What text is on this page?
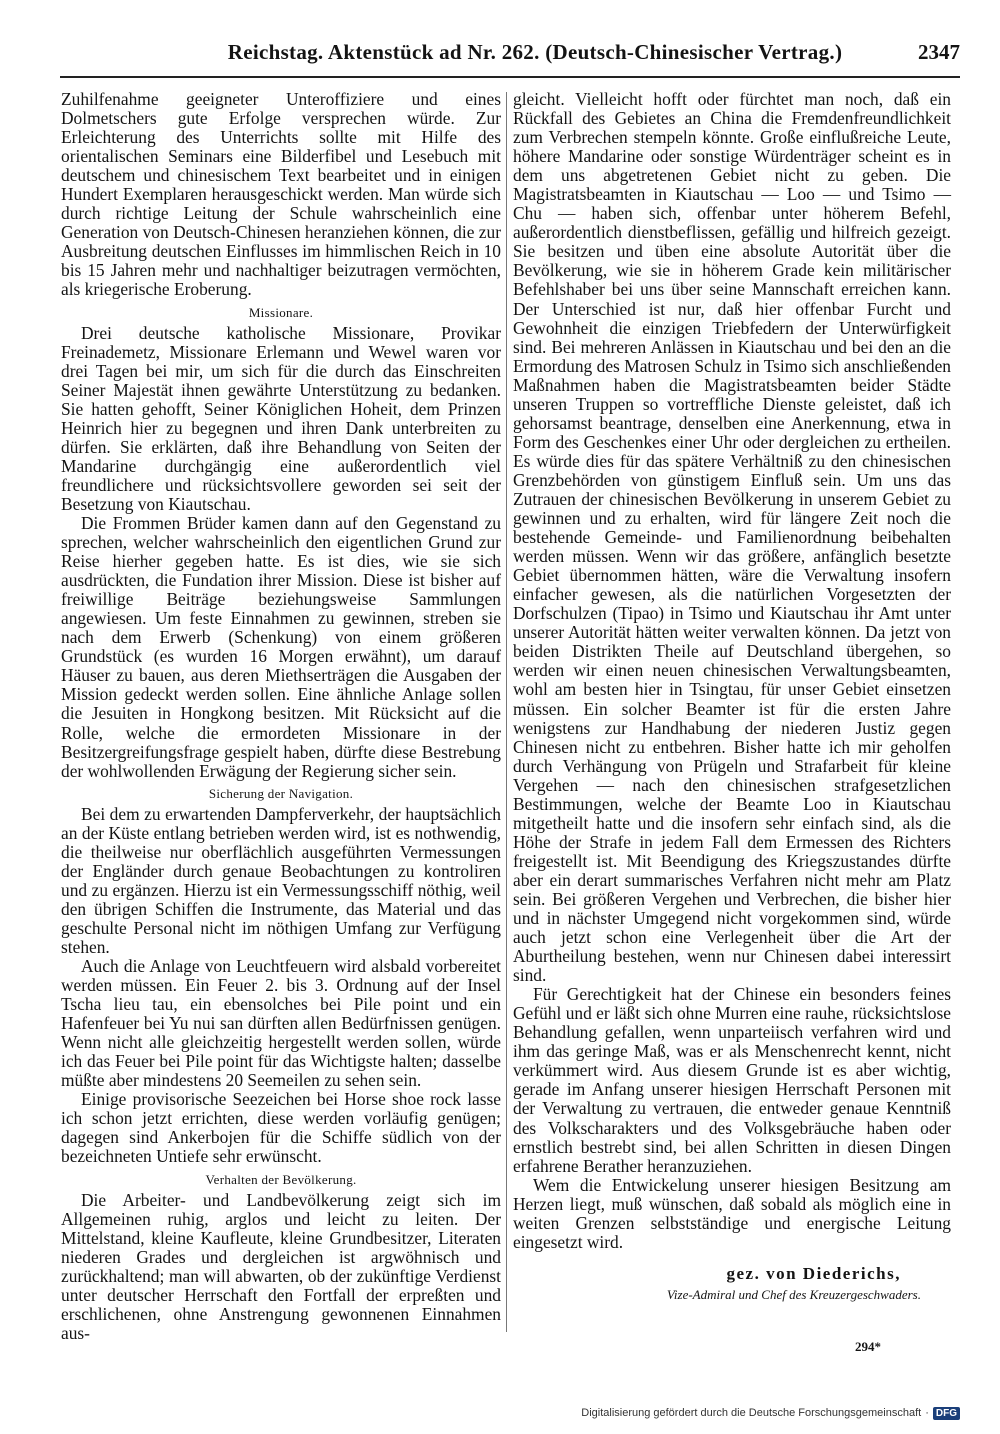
Reichstag. Aktenstück ad Nr. 262. (Deutsch-Chinesischer Vertrag.)	2347

Zuhilfenahme geeigneter Unteroffiziere und eines Dolmetschers gute Erfolge versprechen würde. Zur Erleichterung des Unterrichts sollte mit Hilfe des orientalischen Seminars eine Bilderfibel und Lesebuch mit deutschem und chinesischem Text bearbeitet und in einigen Hundert Exemplaren herausgeschickt werden. Man würde sich durch richtige Leitung der Schule wahrscheinlich eine Generation von Deutsch-Chinesen heranziehen können, die zur Ausbreitung deutschen Einflusses im himmlischen Reich in 10 bis 15 Jahren mehr und nachhaltiger beizutragen vermöchten, als kriegerische Eroberung.

Missionare.

Drei deutsche katholische Missionare, Provikar Freinademetz, Missionare Erlemann und Wewel waren vor drei Tagen bei mir, um sich für die durch das Einschreiten Seiner Majestät ihnen gewährte Unterstützung zu bedanken. Sie hatten gehofft, Seiner Königlichen Hoheit, dem Prinzen Heinrich hier zu begegnen und ihren Dank unterbreiten zu dürfen. Sie erklärten, daß ihre Behandlung von Seiten der Mandarine durchgängig eine außerordentlich viel freundlichere und rücksichtsvollere geworden sei seit der Besetzung von Kiautschau.

Die Frommen Brüder kamen dann auf den Gegenstand zu sprechen, welcher wahrscheinlich den eigentlichen Grund zur Reise hierher gegeben hatte. Es ist dies, wie sie sich ausdrückten, die Fundation ihrer Mission. Diese ist bisher auf freiwillige Beiträge beziehungsweise Sammlungen angewiesen. Um feste Einnahmen zu gewinnen, streben sie nach dem Erwerb (Schenkung) von einem größeren Grundstück (es wurden 16 Morgen erwähnt), um darauf Häuser zu bauen, aus deren Miethserträgen die Ausgaben der Mission gedeckt werden sollen. Eine ähnliche Anlage sollen die Jesuiten in Hongkong besitzen. Mit Rücksicht auf die Rolle, welche die ermordeten Missionare in der Besitzergreifungsfrage gespielt haben, dürfte diese Bestrebung der wohlwollenden Erwägung der Regierung sicher sein.

Sicherung der Navigation.

Bei dem zu erwartenden Dampferverkehr, der hauptsächlich an der Küste entlang betrieben werden wird, ist es nothwendig, die theilweise nur oberflächlich ausgeführten Vermessungen der Engländer durch genaue Beobachtungen zu kontroliren und zu ergänzen. Hierzu ist ein Vermessungsschiff nöthig, weil den übrigen Schiffen die Instrumente, das Material und das geschulte Personal nicht im nöthigen Umfang zur Verfügung stehen.

Auch die Anlage von Leuchtfeuern wird alsbald vorbereitet werden müssen. Ein Feuer 2. bis 3. Ordnung auf der Insel Tscha lieu tau, ein ebensolches bei Pile point und ein Hafenfeuer bei Yu nui san dürften allen Bedürfnissen genügen. Wenn nicht alle gleichzeitig hergestellt werden sollen, würde ich das Feuer bei Pile point für das Wichtigste halten; dasselbe müßte aber mindestens 20 Seemeilen zu sehen sein.

Einige provisorische Seezeichen bei Horse shoe rock lasse ich schon jetzt errichten, diese werden vorläufig genügen; dagegen sind Ankerbojen für die Schiffe südlich von der bezeichneten Untiefe sehr erwünscht.

Verhalten der Bevölkerung.

Die Arbeiter- und Landbevölkerung zeigt sich im Allgemeinen ruhig, arglos und leicht zu leiten. Der Mittelstand, kleine Kaufleute, kleine Grundbesitzer, Literaten niederen Grades und dergleichen ist argwöhnisch und zurückhaltend; man will abwarten, ob der zukünftige Verdienst unter deutscher Herrschaft den Fortfall der erpreßten und erschlichenen, ohne Anstrengung gewonnenen Einnahmen aus-

gleicht. Vielleicht hofft oder fürchtet man noch, daß ein Rückfall des Gebietes an China die Fremdenfreundlichkeit zum Verbrechen stempeln könnte. Große einflußreiche Leute, höhere Mandarine oder sonstige Würdenträger scheint es in dem uns abgetretenen Gebiet nicht zu geben. Die Magistratsbeamten in Kiautschau — Loo — und Tsimo — Chu — haben sich, offenbar unter höherem Befehl, außerordentlich dienstbeflissen, gefällig und hilfreich gezeigt. Sie besitzen und üben eine absolute Autorität über die Bevölkerung, wie sie in höherem Grade kein militärischer Befehlshaber bei uns über seine Mannschaft erreichen kann. Der Unterschied ist nur, daß hier offenbar Furcht und Gewohnheit die einzigen Triebfedern der Unterwürfigkeit sind. Bei mehreren Anlässen in Kiautschau und bei den an die Ermordung des Matrosen Schulz in Tsimo sich anschließenden Maßnahmen haben die Magistratsbeamten beider Städte unseren Truppen so vortreffliche Dienste geleistet, daß ich gehorsamst beantrage, denselben eine Anerkennung, etwa in Form des Geschenkes einer Uhr oder dergleichen zu ertheilen. Es würde dies für das spätere Verhältniß zu den chinesischen Grenzbehörden von günstigem Einfluß sein. Um uns das Zutrauen der chinesischen Bevölkerung in unserem Gebiet zu gewinnen und zu erhalten, wird für längere Zeit noch die bestehende Gemeinde- und Familienordnung beibehalten werden müssen. Wenn wir das größere, anfänglich besetzte Gebiet übernommen hätten, wäre die Verwaltung insofern einfacher gewesen, als die natürlichen Vorgesetzten der Dorfschulzen (Tipao) in Tsimo und Kiautschau ihr Amt unter unserer Autorität hätten weiter verwalten können. Da jetzt von beiden Distrikten Theile auf Deutschland übergehen, so werden wir einen neuen chinesischen Verwaltungsbeamten, wohl am besten hier in Tsingtau, für unser Gebiet einsetzen müssen. Ein solcher Beamter ist für die ersten Jahre wenigstens zur Handhabung der niederen Justiz gegen Chinesen nicht zu entbehren. Bisher hatte ich mir geholfen durch Verhängung von Prügeln und Strafarbeit für kleine Vergehen — nach den chinesischen strafgesetzlichen Bestimmungen, welche der Beamte Loo in Kiautschau mitgetheilt hatte und die insofern sehr einfach sind, als die Höhe der Strafe in jedem Fall dem Ermessen des Richters freigestellt ist. Mit Beendigung des Kriegszustandes dürfte aber ein derart summarisches Verfahren nicht mehr am Platz sein. Bei größeren Vergehen und Verbrechen, die bisher hier und in nächster Umgegend nicht vorgekommen sind, würde auch jetzt schon eine Verlegenheit über die Art der Aburtheilung bestehen, wenn nur Chinesen dabei interessirt sind.

Für Gerechtigkeit hat der Chinese ein besonders feines Gefühl und er läßt sich ohne Murren eine rauhe, rücksichtslose Behandlung gefallen, wenn unparteiisch verfahren wird und ihm das geringe Maß, was er als Menschenrecht kennt, nicht verkümmert wird. Aus diesem Grunde ist es aber wichtig, gerade im Anfang unserer hiesigen Herrschaft Personen mit der Verwaltung zu vertrauen, die entweder genaue Kenntniß des Volkscharakters und des Volksgebräuche haben oder ernstlich bestrebt sind, bei allen Schritten in diesen Dingen erfahrene Berather heranzuziehen.

Wem die Entwickelung unserer hiesigen Besitzung am Herzen liegt, muß wünschen, daß sobald als möglich eine in weiten Grenzen selbstständige und energische Leitung eingesetzt wird.

gez. von Diederichs,
Vize-Admiral und Chef des Kreuzergeschwaders.
294*
Digitalisierung gefördert durch die Deutsche Forschungsgemeinschaft · DFG
